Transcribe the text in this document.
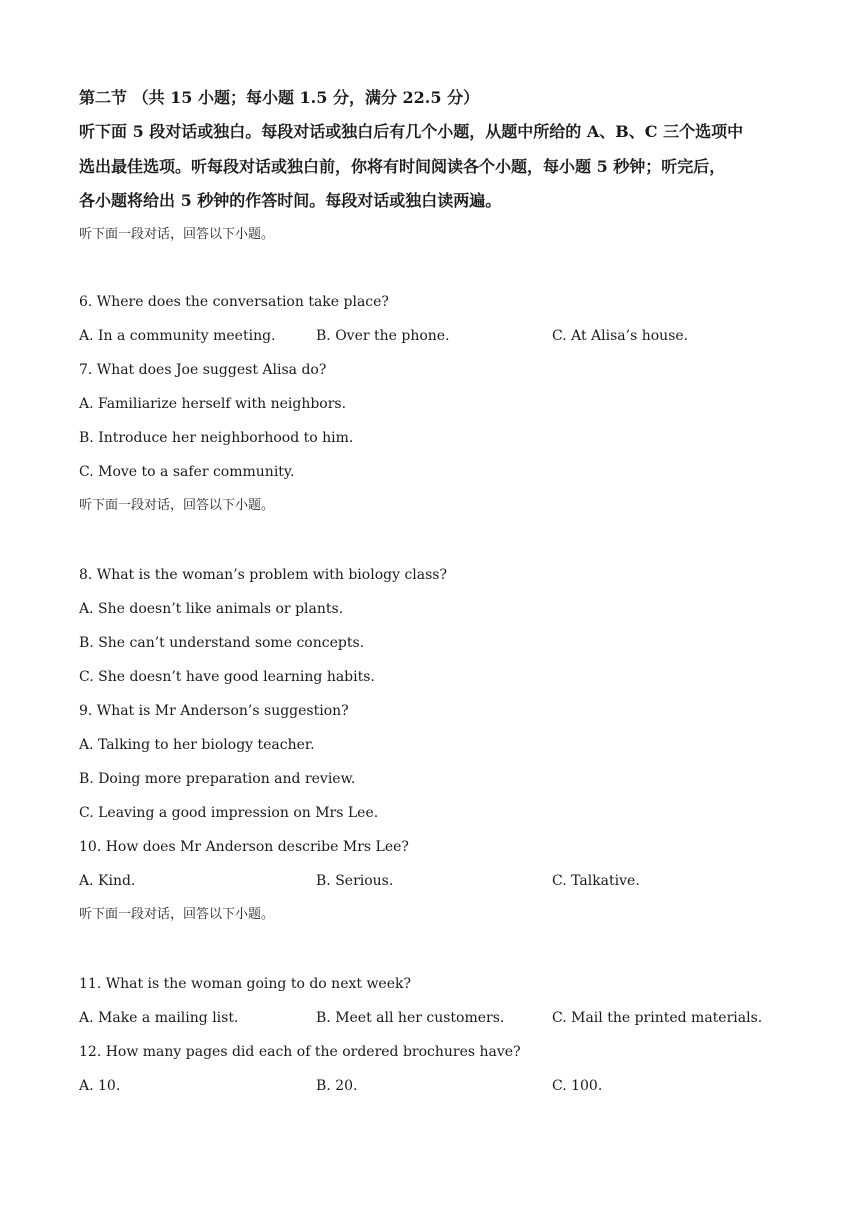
第二节 （共 15 小题；每小题 1.5 分，满分 22.5 分）
听下面 5 段对话或独白。每段对话或独白后有几个小题，从题中所给的 A、B、C 三个选项中
选出最佳选项。听每段对话或独白前，你将有时间阅读各个小题，每小题 5 秒钟；听完后，
各小题将给出 5 秒钟的作答时间。每段对话或独白读两遍。
听下面一段对话，回答以下小题。
6. Where does the conversation take place?
A. In a community meeting.	B. Over the phone.	C. At Alisa’s house.
7. What does Joe suggest Alisa do?
A. Familiarize herself with neighbors.
B. Introduce her neighborhood to him.
C. Move to a safer community.
听下面一段对话，回答以下小题。
8. What is the woman’s problem with biology class?
A. She doesn’t like animals or plants.
B. She can’t understand some concepts.
C. She doesn’t have good learning habits.
9. What is Mr Anderson’s suggestion?
A. Talking to her biology teacher.
B. Doing more preparation and review.
C. Leaving a good impression on Mrs Lee.
10. How does Mr Anderson describe Mrs Lee?
A. Kind.	B. Serious.	C. Talkative.
听下面一段对话，回答以下小题。
11. What is the woman going to do next week?
A. Make a mailing list.	B. Meet all her customers.	C. Mail the printed materials.
12. How many pages did each of the ordered brochures have?
A. 10.	B. 20.	C. 100.
